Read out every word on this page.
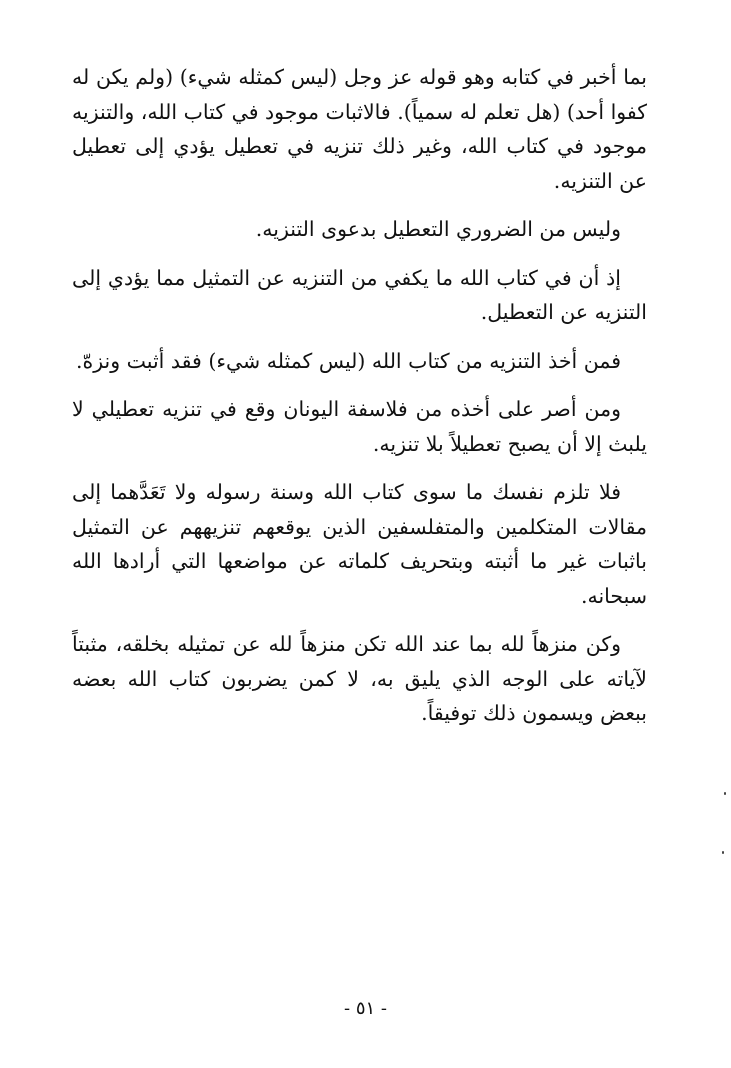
بما أخبر في كتابه وهو قوله عز وجل (ليس كمثله شيء) (ولم يكن له كفوا أحد) (هل تعلم له سمياً). فالاثبات موجود في كتاب الله، والتنزيه موجود في كتاب الله، وغير ذلك تنزيه في تعطيل يؤدي إلى تعطيل عن التنزيه.

وليس من الضروري التعطيل بدعوى التنزيه.

إذ أن في كتاب الله ما يكفي من التنزيه عن التمثيل مما يؤدي إلى التنزيه عن التعطيل.

فمن أخذ التنزيه من كتاب الله (ليس كمثله شيء) فقد أثبت ونزهّ.

ومن أصر على أخذه من فلاسفة اليونان وقع في تنزيه تعطيلي لا يلبث إلا أن يصبح تعطيلاً بلا تنزيه.

فلا تلزم نفسك ما سوى كتاب الله وسنة رسوله ولا تَعَدَّهما إلى مقالات المتكلمين والمتفلسفين الذين يوقعهم تنزيههم عن التمثيل باثبات غير ما أثبته وبتحريف كلماته عن مواضعها التي أرادها الله سبحانه.

وكن منزهاً لله بما عند الله تكن منزهاً لله عن تمثيله بخلقه، مثبتاً لآياته على الوجه الذي يليق به، لا كمن يضربون كتاب الله بعضه ببعض ويسمون ذلك توفيقاً.

- ٥١ -
